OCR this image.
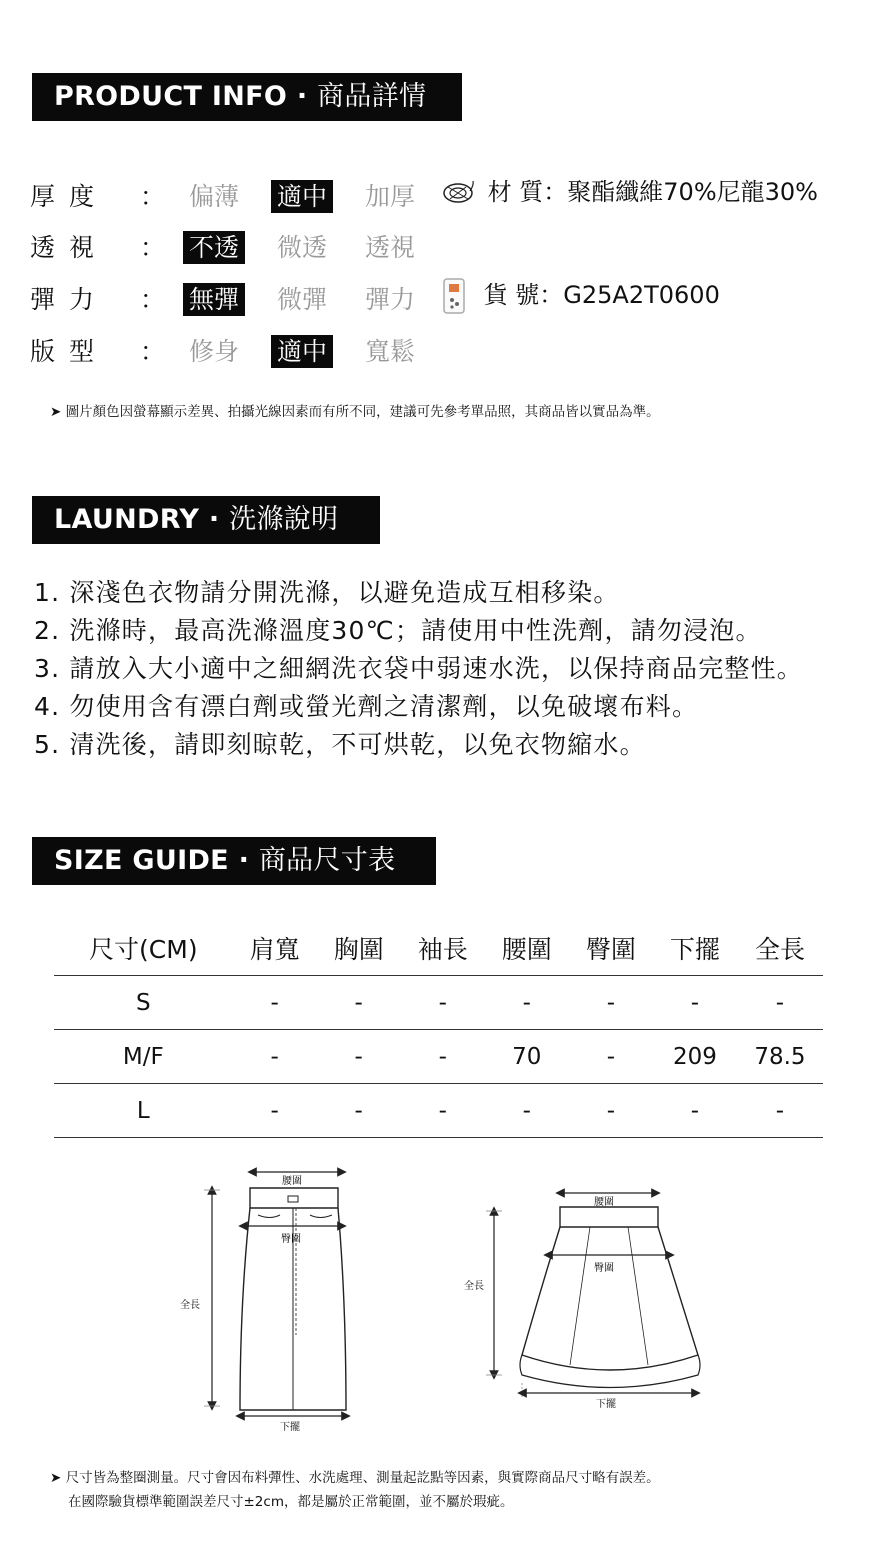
PRODUCT INFO · 商品詳情
厚度 ： 偏薄 適中 加厚
透視 ： 不透 微透 透視
彈力 ： 無彈 微彈 彈力
版型 ： 修身 適中 寬鬆
材 質：聚酯纖維70%尼龍30%
貨 號：G25A2T0600
➤ 圖片顏色因螢幕顯示差異、拍攝光線因素而有所不同，建議可先參考單品照，其商品皆以實品為準。
LAUNDRY · 洗滌說明
1. 深淺色衣物請分開洗滌，以避免造成互相移染。
2. 洗滌時，最高洗滌溫度30℃；請使用中性洗劑，請勿浸泡。
3. 請放入大小適中之細網洗衣袋中弱速水洗，以保持商品完整性。
4. 勿使用含有漂白劑或螢光劑之清潔劑，以免破壞布料。
5. 清洗後，請即刻晾乾，不可烘乾，以免衣物縮水。
SIZE GUIDE · 商品尺寸表
尺寸(CM)	肩寬	胸圍	袖長	腰圍	臀圍	下擺	全長
S	-	-	-	-	-	-	-
M/F	-	-	-	70	-	209	78.5
L	-	-	-	-	-	-	-
腰圍
臀圍
全長
下擺
腰圍
臀圍
全長
下擺
➤ 尺寸皆為整圈測量。尺寸會因布料彈性、水洗處理、測量起訖點等因素，與實際商品尺寸略有誤差。
在國際驗貨標準範圍誤差尺寸±2cm，都是屬於正常範圍，並不屬於瑕疵。
